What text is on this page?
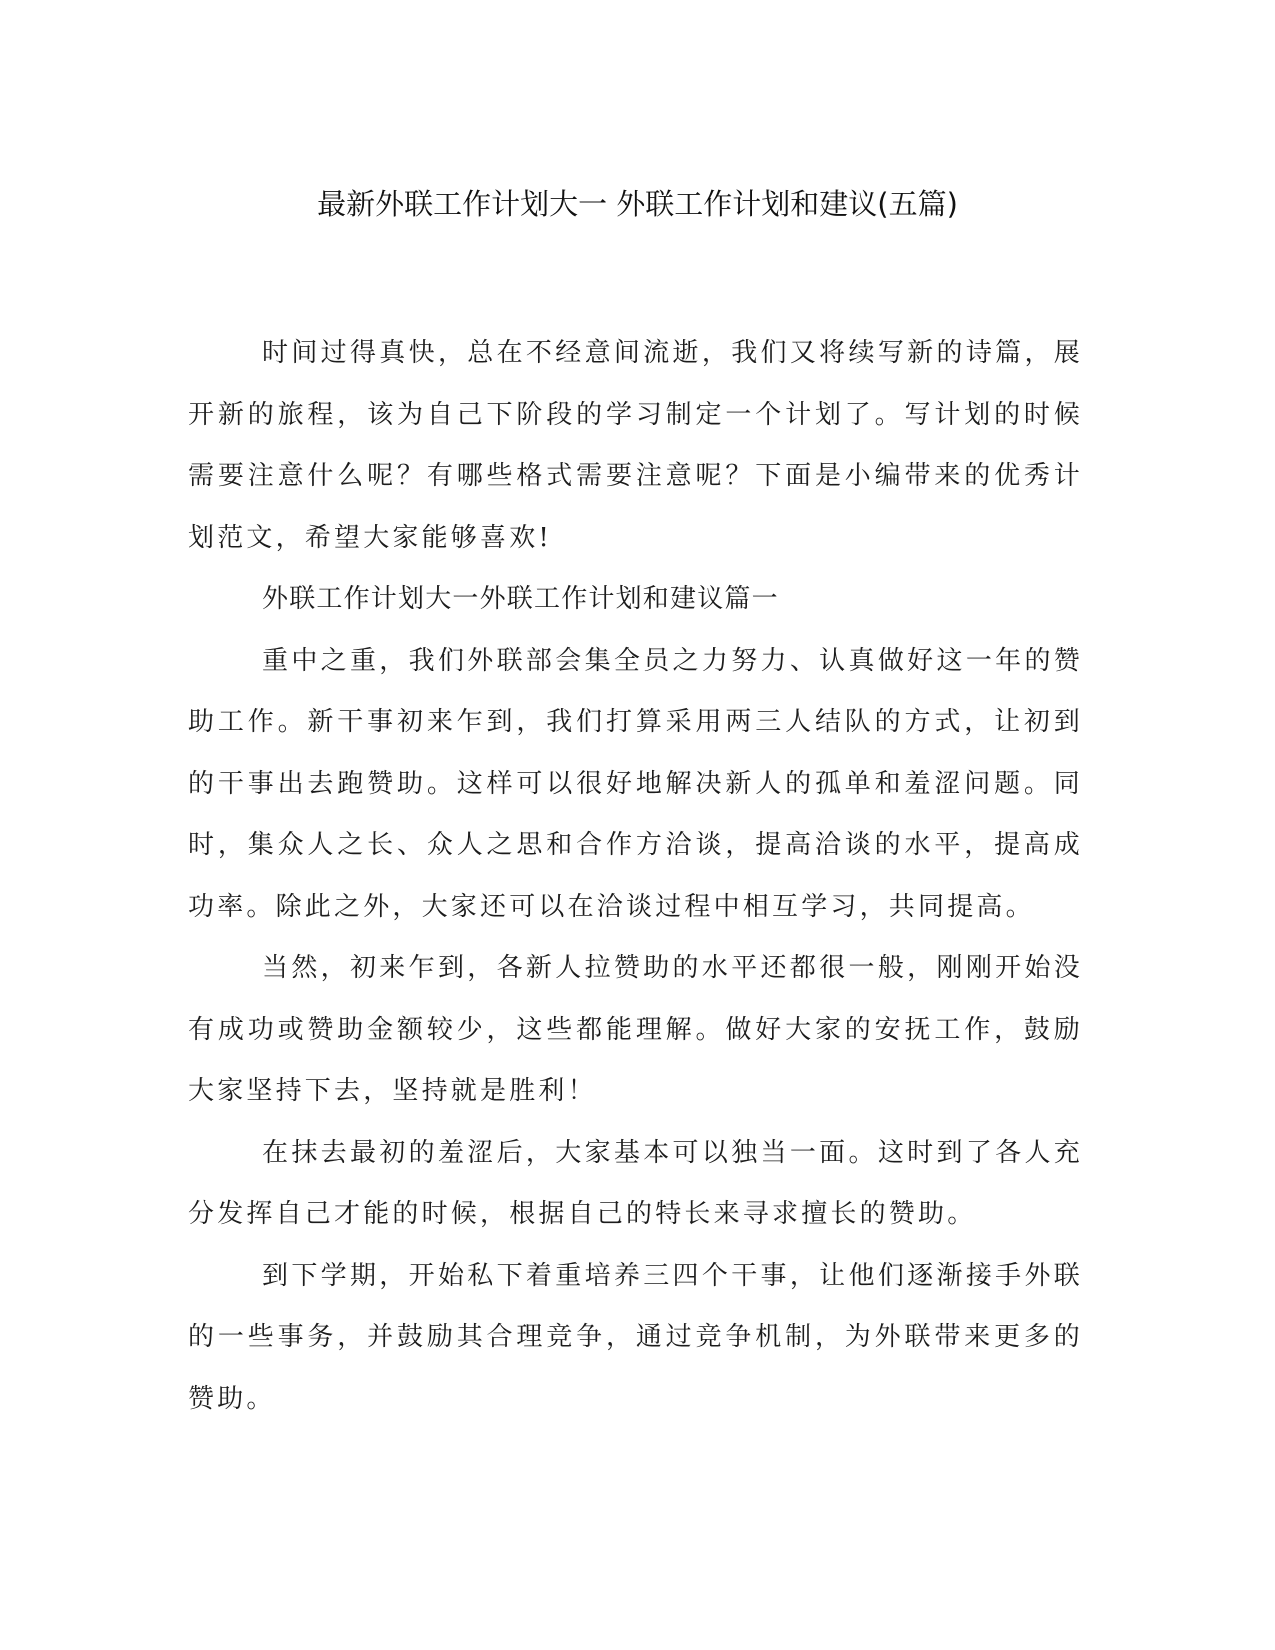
最新外联工作计划大一 外联工作计划和建议(五篇)

时间过得真快，总在不经意间流逝，我们又将续写新的诗篇，展开新的旅程，该为自己下阶段的学习制定一个计划了。写计划的时候需要注意什么呢？有哪些格式需要注意呢？下面是小编带来的优秀计划范文，希望大家能够喜欢!

外联工作计划大一外联工作计划和建议篇一

重中之重，我们外联部会集全员之力努力、认真做好这一年的赞助工作。新干事初来乍到，我们打算采用两三人结队的方式，让初到的干事出去跑赞助。这样可以很好地解决新人的孤单和羞涩问题。同时，集众人之长、众人之思和合作方洽谈，提高洽谈的水平，提高成功率。除此之外，大家还可以在洽谈过程中相互学习，共同提高。

当然，初来乍到，各新人拉赞助的水平还都很一般，刚刚开始没有成功或赞助金额较少，这些都能理解。做好大家的安抚工作，鼓励大家坚持下去，坚持就是胜利！

在抹去最初的羞涩后，大家基本可以独当一面。这时到了各人充分发挥自己才能的时候，根据自己的特长来寻求擅长的赞助。

到下学期，开始私下着重培养三四个干事，让他们逐渐接手外联的一些事务，并鼓励其合理竞争，通过竞争机制，为外联带来更多的赞助。
